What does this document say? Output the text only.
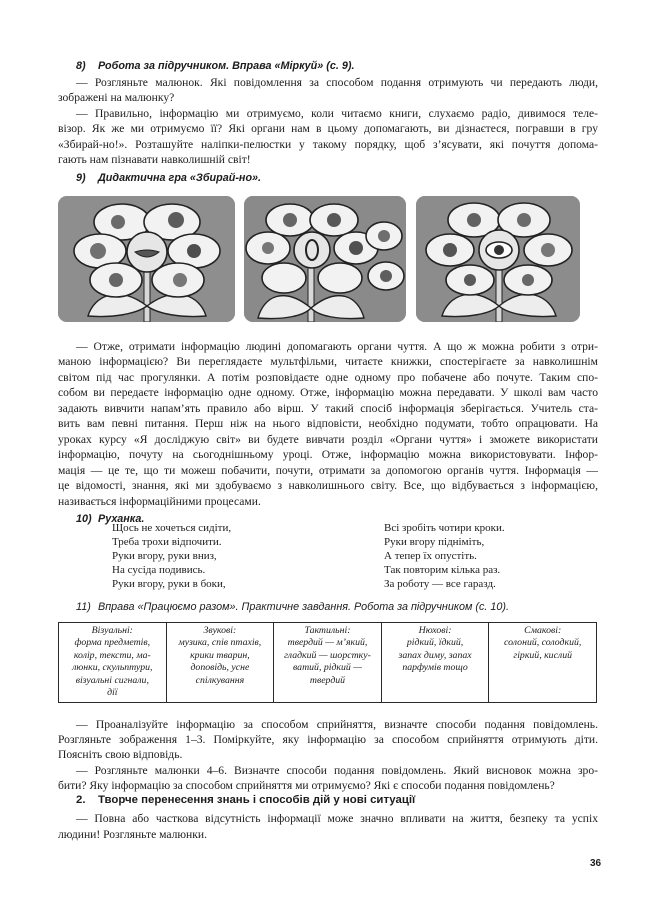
8) Робота за підручником. Вправа «Міркуй» (с. 9).
— Розгляньте малюнок. Які повідомлення за способом подання отримують чи передають люди,
зображені на малюнку?
— Правильно, інформацію ми отримуємо, коли читаємо книги, слухаємо радіо, дивимося теле-
візор. Як же ми отримуємо її? Які органи нам в цьому допомагають, ви дізнаєтеся, погравши в гру
«Збирай-но!». Розташуйте наліпки-пелюстки у такому порядку, щоб з’ясувати, які почуття допома-
гають нам пізнавати навколишній світ!
9) Дидактична гра «Збирай-но».
— Отже, отримати інформацію людині допомагають органи чуття. А що ж можна робити з отри-
маною інформацією? Ви переглядаєте мультфільми, читаєте книжки, спостерігаєте за навколишнім
світом під час прогулянки. А потім розповідаєте одне одному про побачене або почуте. Таким спо-
собом ви передаєте інформацію одне одному. Отже, інформацію можна передавати. У школі вам часто
задають вивчити напам’ять правило або вірш. У такий спосіб інформація зберігається. Учитель ста-
вить вам певні питання. Перш ніж на нього відповісти, необхідно подумати, тобто опрацювати. На
уроках курсу «Я досліджую світ» ви будете вивчати розділ «Органи чуття» і зможете використати
інформацію, почуту на сьогоднішньому уроці. Отже, інформацію можна використовувати. Інфор-
мація — це те, що ти можеш побачити, почути, отримати за допомогою органів чуття. Інформація —
це відомості, знання, які ми здобуваємо з навколишнього світу. Все, що відбувається з інформацією,
називається інформаційними процесами.
10) Руханка.
Щось не хочеться сидіти,
Треба трохи відпочити.
Руки вгору, руки вниз,
На сусіда подивись.
Руки вгору, руки в боки,
Всі зробіть чотири кроки.
Руки вгору підніміть,
А тепер їх опустіть.
Так повторим кілька раз.
За роботу — все гаразд.
11) Вправа «Працюємо разом». Практичне завдання. Робота за підручником (с. 10).
Візуальні:
форма предметів,
колір, тексти, ма-
люнки, скульптури,
візуальні сигнали,
дії

Звукові:
музика, спів птахів,
крики тварин,
доповідь, усне
спілкування

Тактильні:
твердий — м’який,
гладкий — шорстку-
ватий, рідкий —
твердий

Нюхові:
рідкий, їдкий,
запах диму, запах
парфумів тощо

Смакові:
солоний, солодкий,
гіркий, кислий
— Проаналізуйте інформацію за способом сприйняття, визначте способи подання повідомлень.
Розгляньте зображення 1–3. Поміркуйте, яку інформацію за способом сприйняття отримують діти.
Поясніть свою відповідь.
— Розгляньте малюнки 4–6. Визначте способи подання повідомлень. Який висновок можна зро-
бити? Яку інформацію за способом сприйняття ми отримуємо? Які є способи подання повідомлень?
2. Творче перенесення знань і способів дій у нові ситуації
— Повна або часткова відсутність інформації може значно впливати на життя, безпеку та успіх
людини! Розгляньте малюнки.
36
